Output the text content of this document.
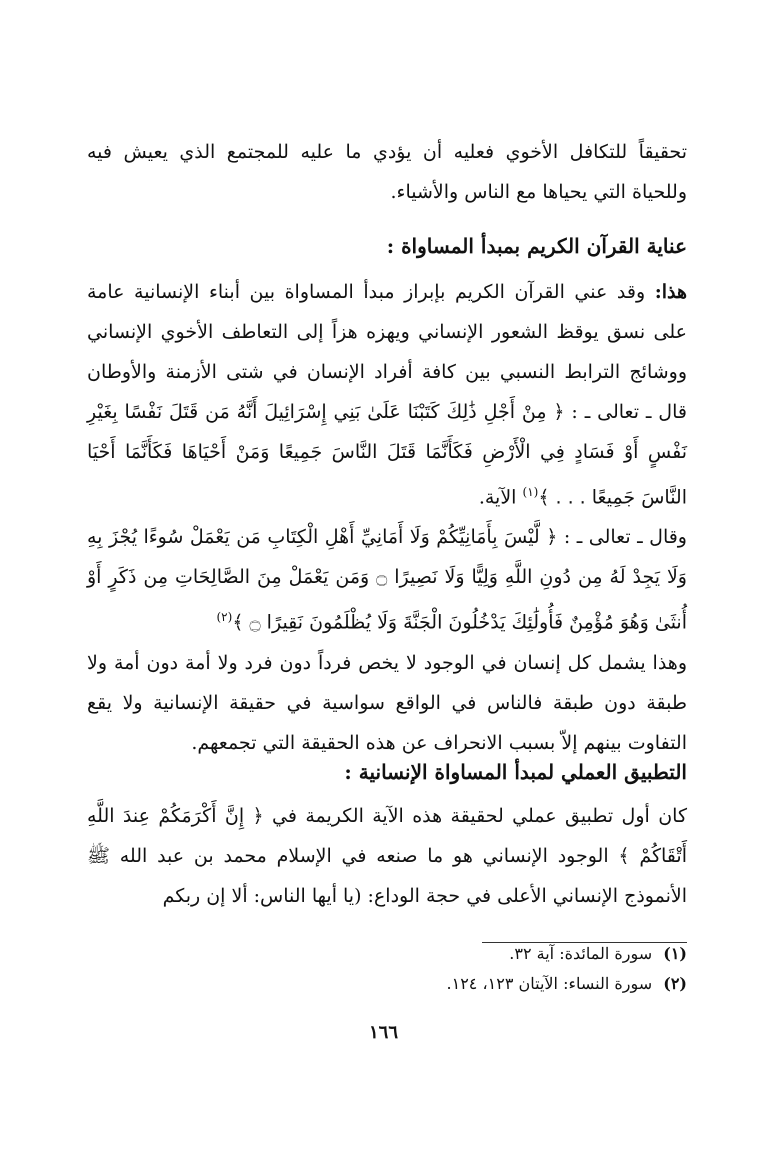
تحقيقاً للتكافل الأخوي فعليه أن يؤدي ما عليه للمجتمع الذي يعيش فيه وللحياة التي يحياها مع الناس والأشياء.

عناية القرآن الكريم بمبدأ المساواة :

هذا: وقد عني القرآن الكريم بإبراز مبدأ المساواة بين أبناء الإنسانية عامة على نسق يوقظ الشعور الإنساني ويهزه هزاً إلى التعاطف الأخوي الإنساني ووشائج الترابط النسبي بين كافة أفراد الإنسان في شتى الأزمنة والأوطان قال ـ تعالى ـ : ﴿ مِنْ أَجْلِ ذَٰلِكَ كَتَبْنَا عَلَىٰ بَنِي إِسْرَائِيلَ أَنَّهُ مَن قَتَلَ نَفْسًا بِغَيْرِ نَفْسٍ أَوْ فَسَادٍ فِي الْأَرْضِ فَكَأَنَّمَا قَتَلَ النَّاسَ جَمِيعًا وَمَنْ أَحْيَاهَا فَكَأَنَّمَا أَحْيَا النَّاسَ جَمِيعًا . . . ﴾$^{(١)}$ الآية.

وقال ـ تعالى ـ : ﴿ لَّيْسَ بِأَمَانِيِّكُمْ وَلَا أَمَانِيِّ أَهْلِ الْكِتَابِ مَن يَعْمَلْ سُوءًا يُجْزَ بِهِ وَلَا يَجِدْ لَهُ مِن دُونِ اللَّهِ وَلِيًّا وَلَا نَصِيرًا ۝ وَمَن يَعْمَلْ مِنَ الصَّالِحَاتِ مِن ذَكَرٍ أَوْ أُنثَىٰ وَهُوَ مُؤْمِنٌ فَأُولَٰئِكَ يَدْخُلُونَ الْجَنَّةَ وَلَا يُظْلَمُونَ نَقِيرًا ۝ ﴾$^{(٢)}$

وهذا يشمل كل إنسان في الوجود لا يخص فرداً دون فرد ولا أمة دون أمة ولا طبقة دون طبقة فالناس في الواقع سواسية في حقيقة الإنسانية ولا يقع التفاوت بينهم إلاّ بسبب الانحراف عن هذه الحقيقة التي تجمعهم.

التطبيق العملي لمبدأ المساواة الإنسانية :

كان أول تطبيق عملي لحقيقة هذه الآية الكريمة في ﴿ إِنَّ أَكْرَمَكُمْ عِندَ اللَّهِ أَتْقَاكُمْ ﴾ الوجود الإنساني هو ما صنعه في الإسلام محمد بن عبد الله ﷺ الأنموذج الإنساني الأعلى في حجة الوداع: (يا أيها الناس: ألا إن ربكم

(١) سورة المائدة: آية ٣٢.

(٢) سورة النساء: الآيتان ١٢٣، ١٢٤.

١٦٦
